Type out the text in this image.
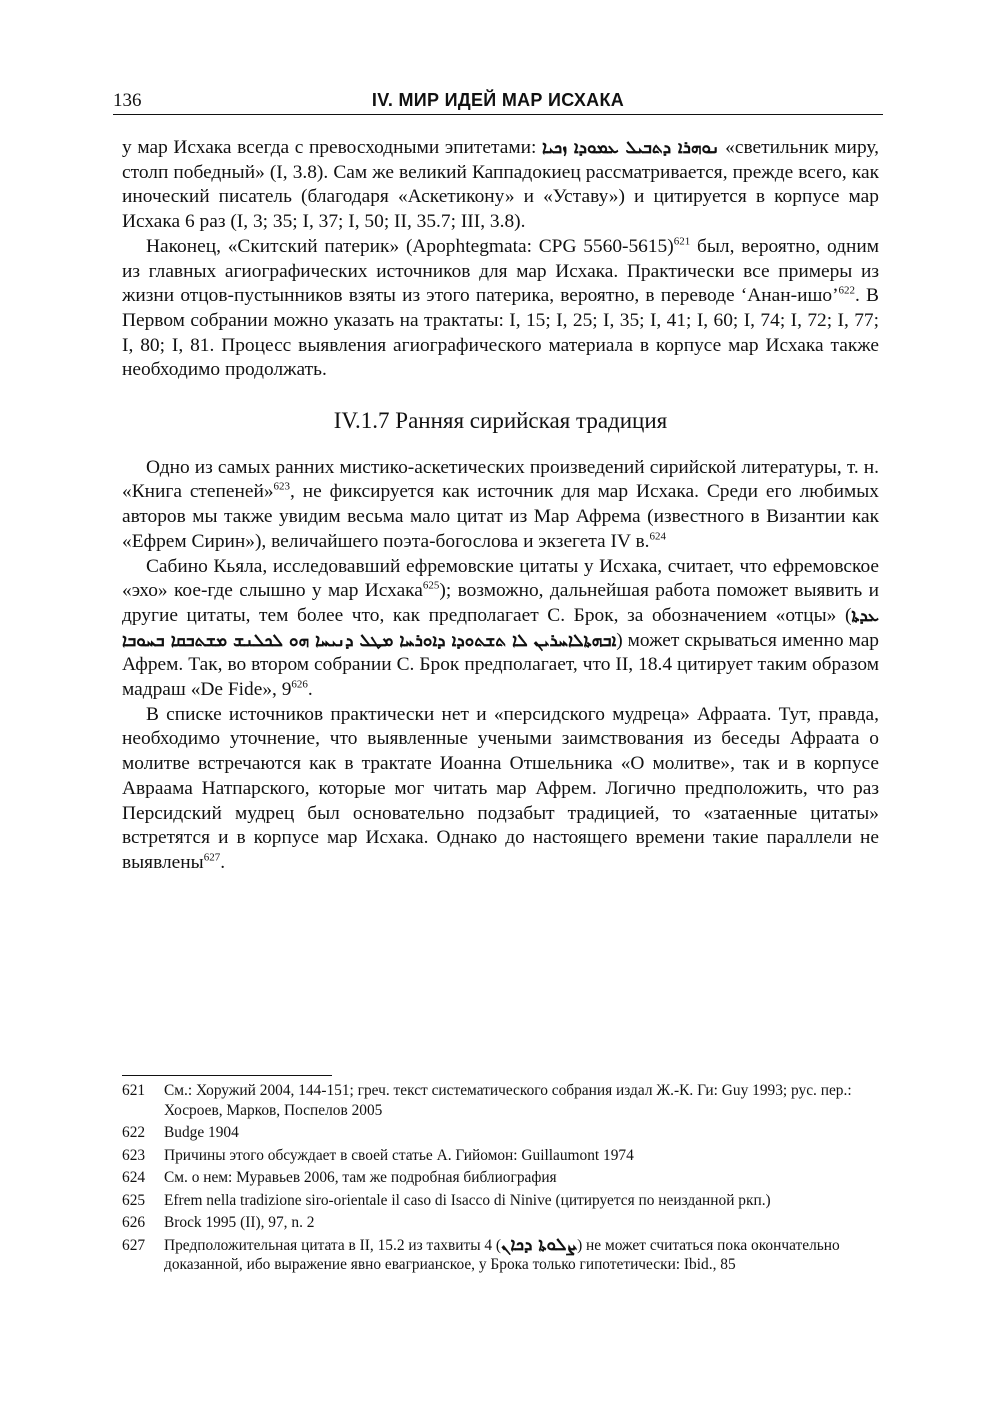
136	IV. МИР ИДЕЙ МАР ИСХАКА

у мар Исхака всегда с превосходными эпитетами: ܢܘܗܪܐ ܕܬܒܝܠ ܥܡܘܕܐ ܙܟܝܐ «светильник миру, столп победный» (I, 3.8). Сам же великий Каппадокиец рассматривается, прежде всего, как иноческий писатель (благодаря «Аскетикону» и «Уставу») и цитируется в корпусе мар Исхака 6 раз (I, 3; 35; I, 37; I, 50; II, 35.7; III, 3.8).

Наконец, «Скитский патерик» (Apophtegmata: CPG 5560-5615)$^{621}$ был, вероятно, одним из главных агиографических источников для мар Исхака. Практически все примеры из жизни отцов-пустынников взяты из этого патерика, вероятно, в переводе ‘Анан-ишо’$^{622}$. В Первом собрании можно указать на трактаты: I, 15; I, 25; I, 35; I, 41; I, 60; I, 74; I, 72; I, 77; I, 80; I, 81. Процесс выявления агиографического материала в корпусе мар Исхака также необходимо продолжать.

IV.1.7 Ранняя сирийская традиция

Одно из самых ранних мистико-аскетических произведений сирийской литературы, т. н. «Книга степеней»$^{623}$, не фиксируется как источник для мар Исхака. Среди его любимых авторов мы также увидим весьма мало цитат из Мар Афрема (известного в Византии как «Ефрем Сирин»), величайшего поэта-богослова и экзегета IV в.$^{624}$

Сабино Кьяла, исследовавший ефремовские цитаты у Исхака, считает, что ефремовское «эхо» кое-где слышно у мар Исхака$^{625}$); возможно, дальнейшая работа поможет выявить и другие цитаты, тем более что, как предполагает С. Брок, за обозначением «отцы» (ܥܕܬܐ ܠܐܚܪܝܢ ܠܐ ܬܫܬܘܕܐ ܕܐܘܪܚܐ ܡܛܠ ܕܢܝܚܐ ܗܘ ܠܟܠܢܫ ܡܫܬܒܩܐ ܒܚܘܒܐܐܒܗܬܐ) может скрываться именно мар Афрем. Так, во втором собрании С. Брок предполагает, что II, 18.4 цитирует таким образом мадраш «De Fide», $9^{626}$.

В списке источников практически нет и «персидского мудреца» Афраата. Тут, правда, необходимо уточнение, что выявленные учеными заимствования из беседы Афраата о молитве встречаются как в трактате Иоанна Отшельника «О молитве», так и в корпусе Авраама Натпарского, которые мог читать мар Афрем. Логично предположить, что раз Персидский мудрец был основательно подзабыт традицией, то «затаенные цитаты» встретятся и в корпусе мар Исхака. Однако до настоящего времени такие параллели не выявлены$^{627}$.

621	См.: Хоружий 2004, 144-151; греч. текст систематического собрания издал Ж.-К. Ги: Guy 1993; рус. пер.: Хосроев, Марков, Поспелов 2005
622	Budge 1904
623	Причины этого обсуждает в своей статье А. Гийомон: Guillaumont 1974
624	См. о нем: Муравьев 2006, там же подробная библиография
625	Efrem nella tradizione siro-orientale il caso di Isacco di Ninive (цитируется по неизданной ркп.)
626	Brock 1995 (II), 97, n. 2
627	Предположительная цитата в II, 15.2 из тахвиты 4 (ܨܠܘܬܐ ܕܟܐܢ) не может считаться пока окончательно доказанной, ибо выражение явно евагрианское, у Брока только гипотетически: Ibid., 85
